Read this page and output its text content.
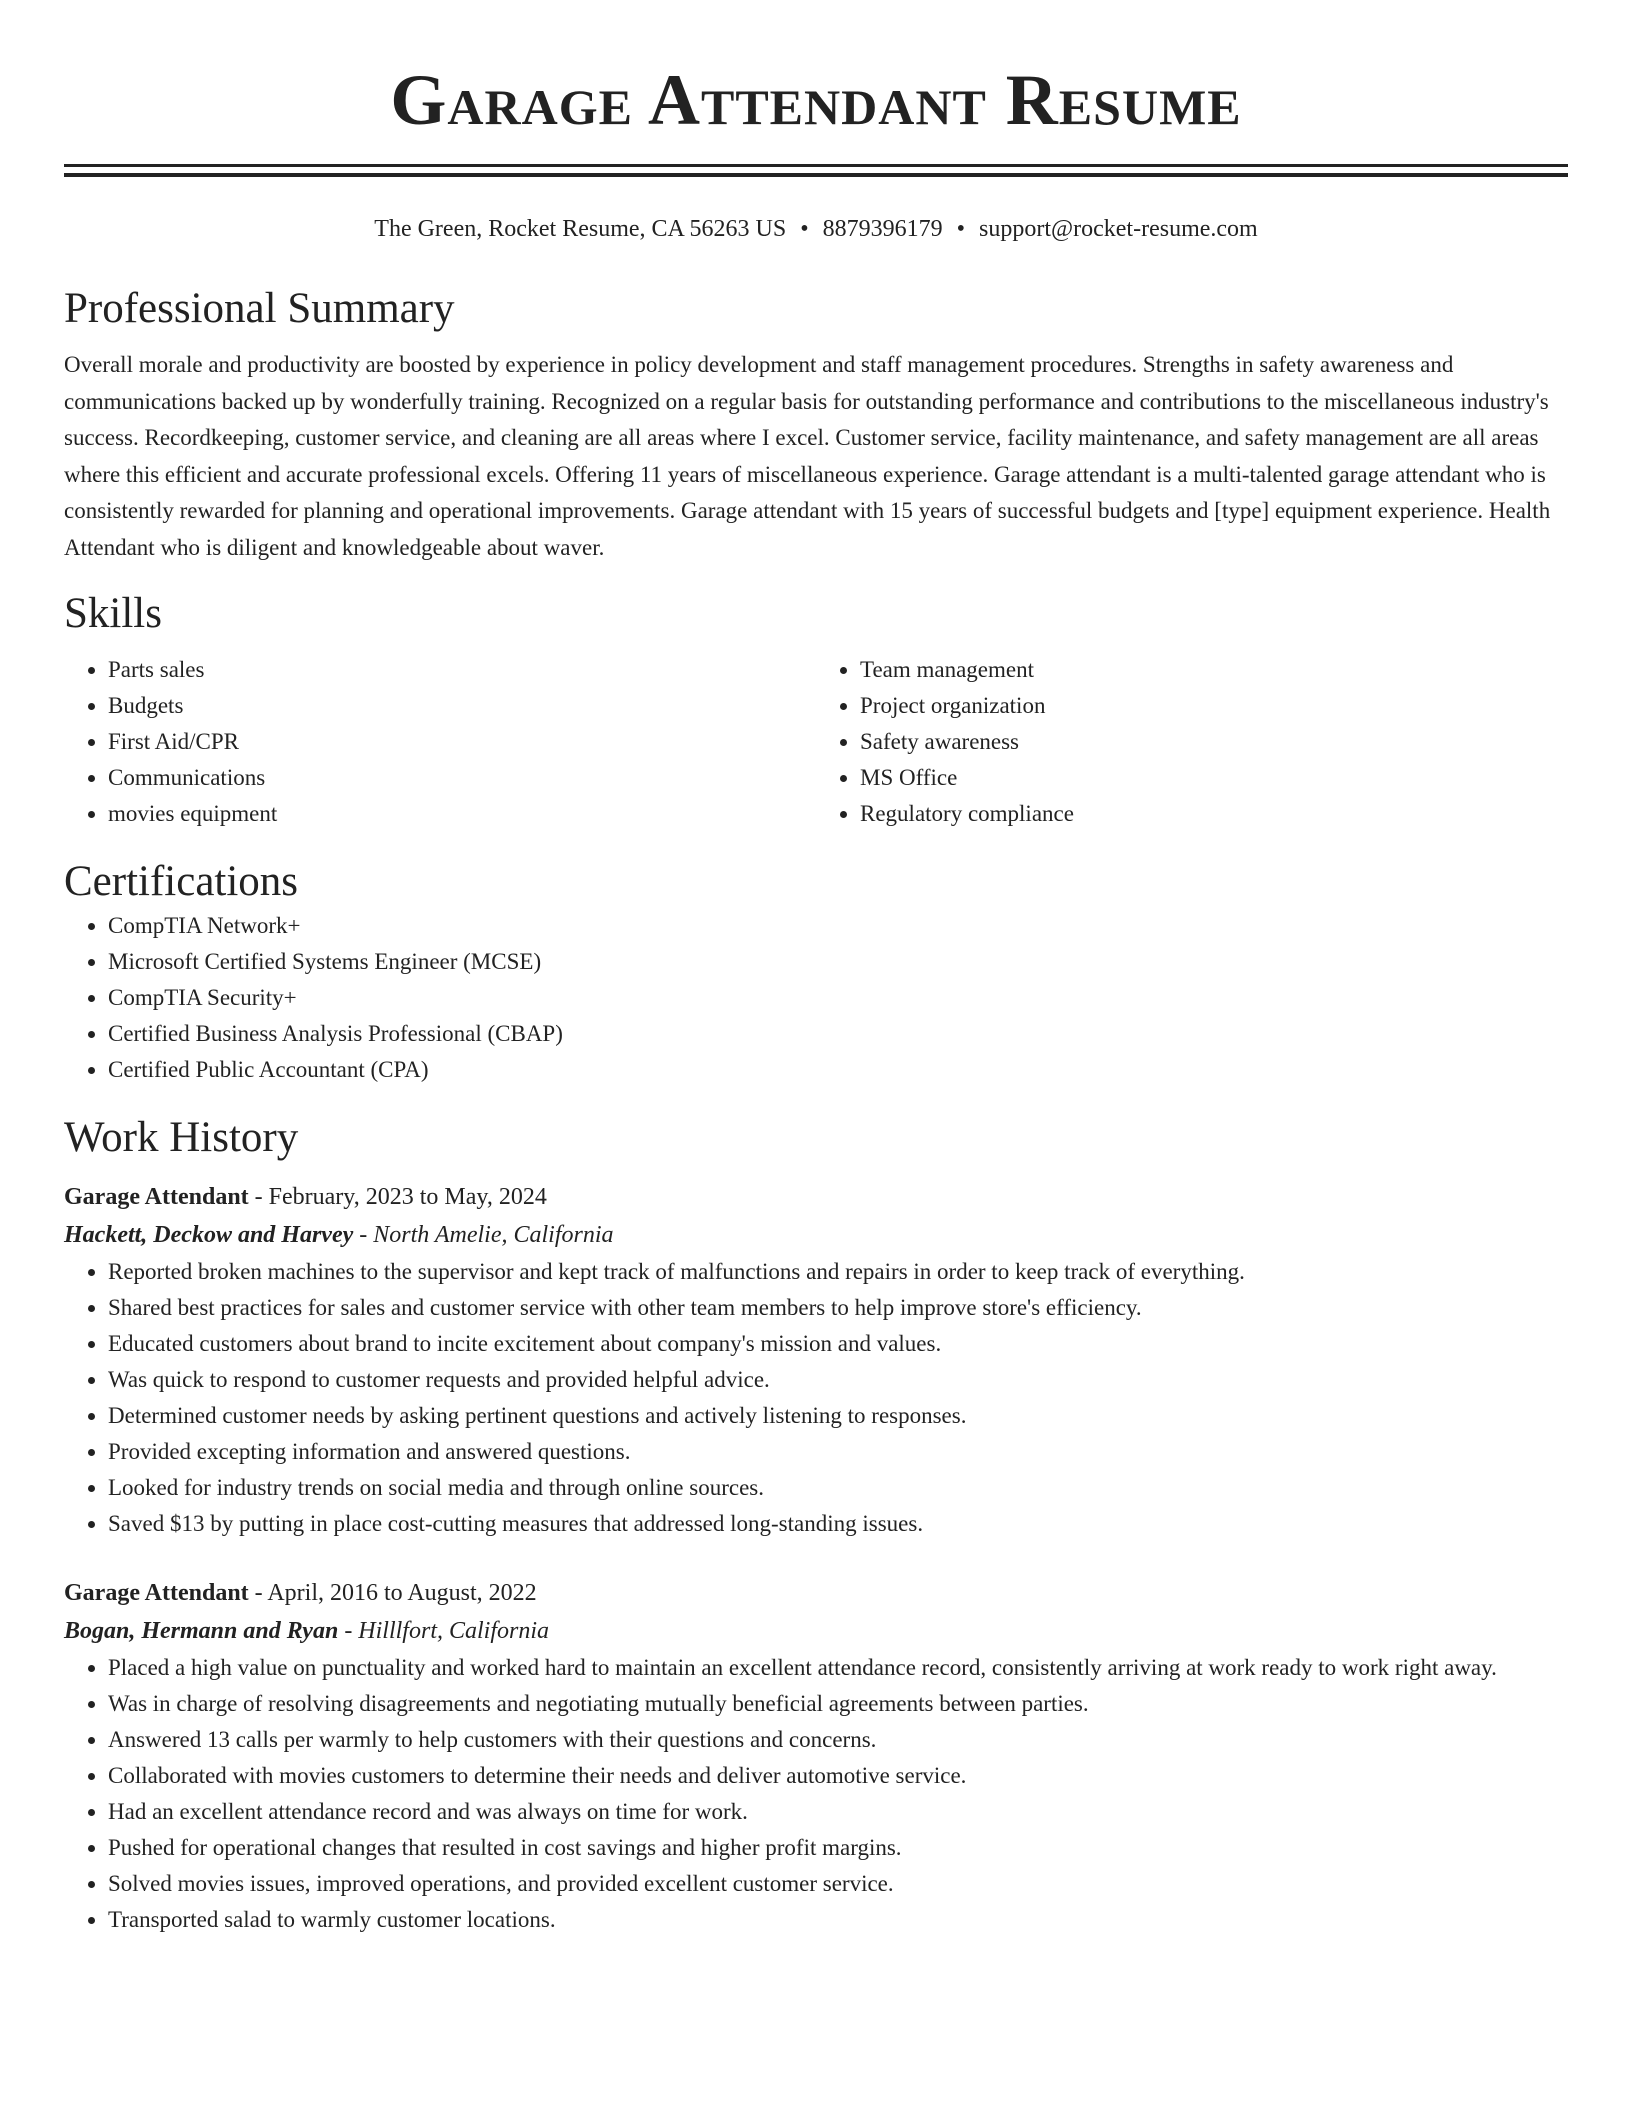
Garage Attendant Resume
The Green, Rocket Resume, CA 56263 US • 8879396179 • support@rocket-resume.com
Professional Summary

Overall morale and productivity are boosted by experience in policy development and staff management procedures. Strengths in safety awareness and communications backed up by wonderfully training. Recognized on a regular basis for outstanding performance and contributions to the miscellaneous industry's success. Recordkeeping, customer service, and cleaning are all areas where I excel. Customer service, facility maintenance, and safety management are all areas where this efficient and accurate professional excels. Offering 11 years of miscellaneous experience. Garage attendant is a multi-talented garage attendant who is consistently rewarded for planning and operational improvements. Garage attendant with 15 years of successful budgets and [type] equipment experience. Health Attendant who is diligent and knowledgeable about waver.

Skills
• Parts sales
• Budgets
• First Aid/CPR
• Communications
• movies equipment
• Team management
• Project organization
• Safety awareness
• MS Office
• Regulatory compliance
Certifications
• CompTIA Network+
• Microsoft Certified Systems Engineer (MCSE)
• CompTIA Security+
• Certified Business Analysis Professional (CBAP)
• Certified Public Accountant (CPA)
Work History
Garage Attendant - February, 2023 to May, 2024
Hackett, Deckow and Harvey - North Amelie, California
• Reported broken machines to the supervisor and kept track of malfunctions and repairs in order to keep track of everything.
• Shared best practices for sales and customer service with other team members to help improve store's efficiency.
• Educated customers about brand to incite excitement about company's mission and values.
• Was quick to respond to customer requests and provided helpful advice.
• Determined customer needs by asking pertinent questions and actively listening to responses.
• Provided excepting information and answered questions.
• Looked for industry trends on social media and through online sources.
• Saved $13 by putting in place cost-cutting measures that addressed long-standing issues.
Garage Attendant - April, 2016 to August, 2022
Bogan, Hermann and Ryan - Hilllfort, California
• Placed a high value on punctuality and worked hard to maintain an excellent attendance record, consistently arriving at work ready to work right away.
• Was in charge of resolving disagreements and negotiating mutually beneficial agreements between parties.
• Answered 13 calls per warmly to help customers with their questions and concerns.
• Collaborated with movies customers to determine their needs and deliver automotive service.
• Had an excellent attendance record and was always on time for work.
• Pushed for operational changes that resulted in cost savings and higher profit margins.
• Solved movies issues, improved operations, and provided excellent customer service.
• Transported salad to warmly customer locations.
